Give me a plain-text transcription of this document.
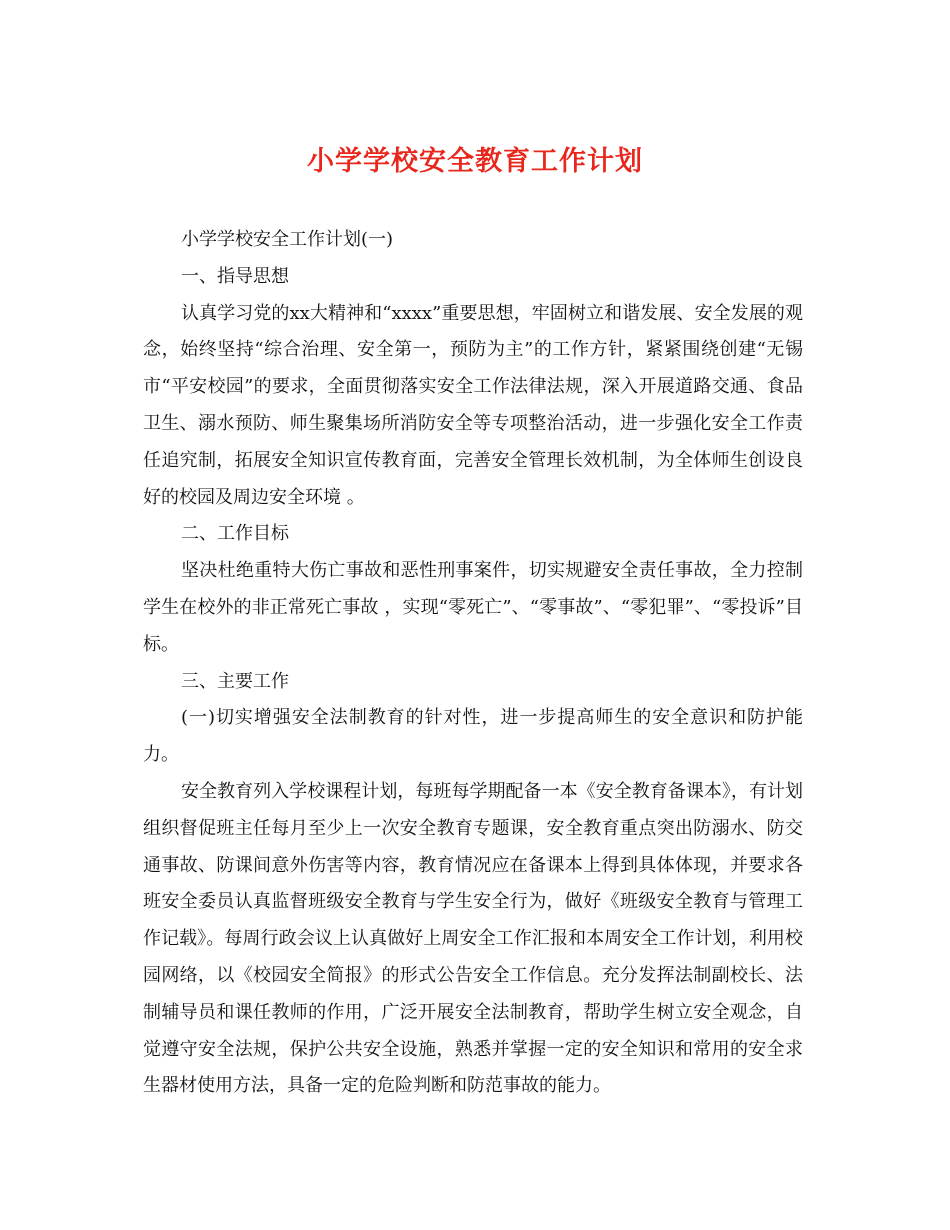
小学学校安全教育工作计划

小学学校安全工作计划(一)

一、指导思想

认真学习党的xx大精神和“xxxx”重要思想，牢固树立和谐发展、安全发展的观念，始终坚持“综合治理、安全第一，预防为主”的工作方针，紧紧围绕创建“无锡市“平安校园”的要求，全面贯彻落实安全工作法律法规，深入开展道路交通、食品卫生、溺水预防、师生聚集场所消防安全等专项整治活动，进一步强化安全工作责任追究制，拓展安全知识宣传教育面，完善安全管理长效机制，为全体师生创设良好的校园及周边安全环境 。

二、工作目标

坚决杜绝重特大伤亡事故和恶性刑事案件，切实规避安全责任事故，全力控制学生在校外的非正常死亡事故 ，实现“零死亡”、“零事故”、“零犯罪”、“零投诉”目标。

三、主要工作

(一)切实增强安全法制教育的针对性，进一步提高师生的安全意识和防护能力。

安全教育列入学校课程计划，每班每学期配备一本《安全教育备课本》，有计划组织督促班主任每月至少上一次安全教育专题课，安全教育重点突出防溺水、防交通事故、防课间意外伤害等内容，教育情况应在备课本上得到具体体现，并要求各班安全委员认真监督班级安全教育与学生安全行为，做好《班级安全教育与管理工作记载》。每周行政会议上认真做好上周安全工作汇报和本周安全工作计划，利用校园网络，以《校园安全简报》的形式公告安全工作信息。充分发挥法制副校长、法制辅导员和课任教师的作用，广泛开展安全法制教育，帮助学生树立安全观念，自觉遵守安全法规，保护公共安全设施，熟悉并掌握一定的安全知识和常用的安全求生器材使用方法，具备一定的危险判断和防范事故的能力。
